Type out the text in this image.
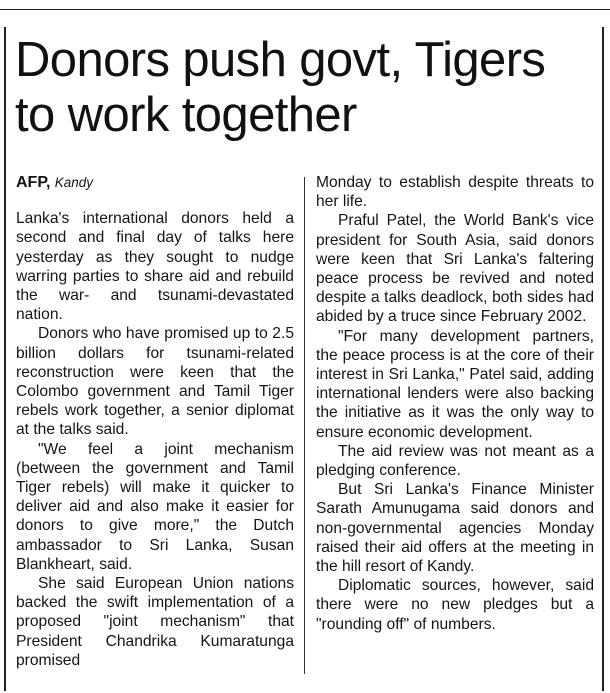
Donors push govt, Tigers
to work together
AFP, Kandy

Lanka's international donors held a second and final day of talks here yesterday as they sought to nudge warring parties to share aid and rebuild the war- and tsunami-devastated nation.

Donors who have promised up to 2.5 billion dollars for tsunami-related reconstruction were keen that the Colombo government and Tamil Tiger rebels work together, a senior diplomat at the talks said.

"We feel a joint mechanism (between the government and Tamil Tiger rebels) will make it quicker to deliver aid and also make it easier for donors to give more," the Dutch ambassador to Sri Lanka, Susan Blankheart, said.

She said European Union nations backed the swift implementation of a proposed "joint mechanism" that President Chandrika Kumaratunga promised

Monday to establish despite threats to her life.

Praful Patel, the World Bank's vice president for South Asia, said donors were keen that Sri Lanka's faltering peace process be revived and noted despite a talks deadlock, both sides had abided by a truce since February 2002.

"For many development partners, the peace process is at the core of their interest in Sri Lanka," Patel said, adding international lenders were also backing the initiative as it was the only way to ensure economic development.

The aid review was not meant as a pledging conference.

But Sri Lanka's Finance Minister Sarath Amunugama said donors and non-governmental agencies Monday raised their aid offers at the meeting in the hill resort of Kandy.

Diplomatic sources, however, said there were no new pledges but a "rounding off" of numbers.
